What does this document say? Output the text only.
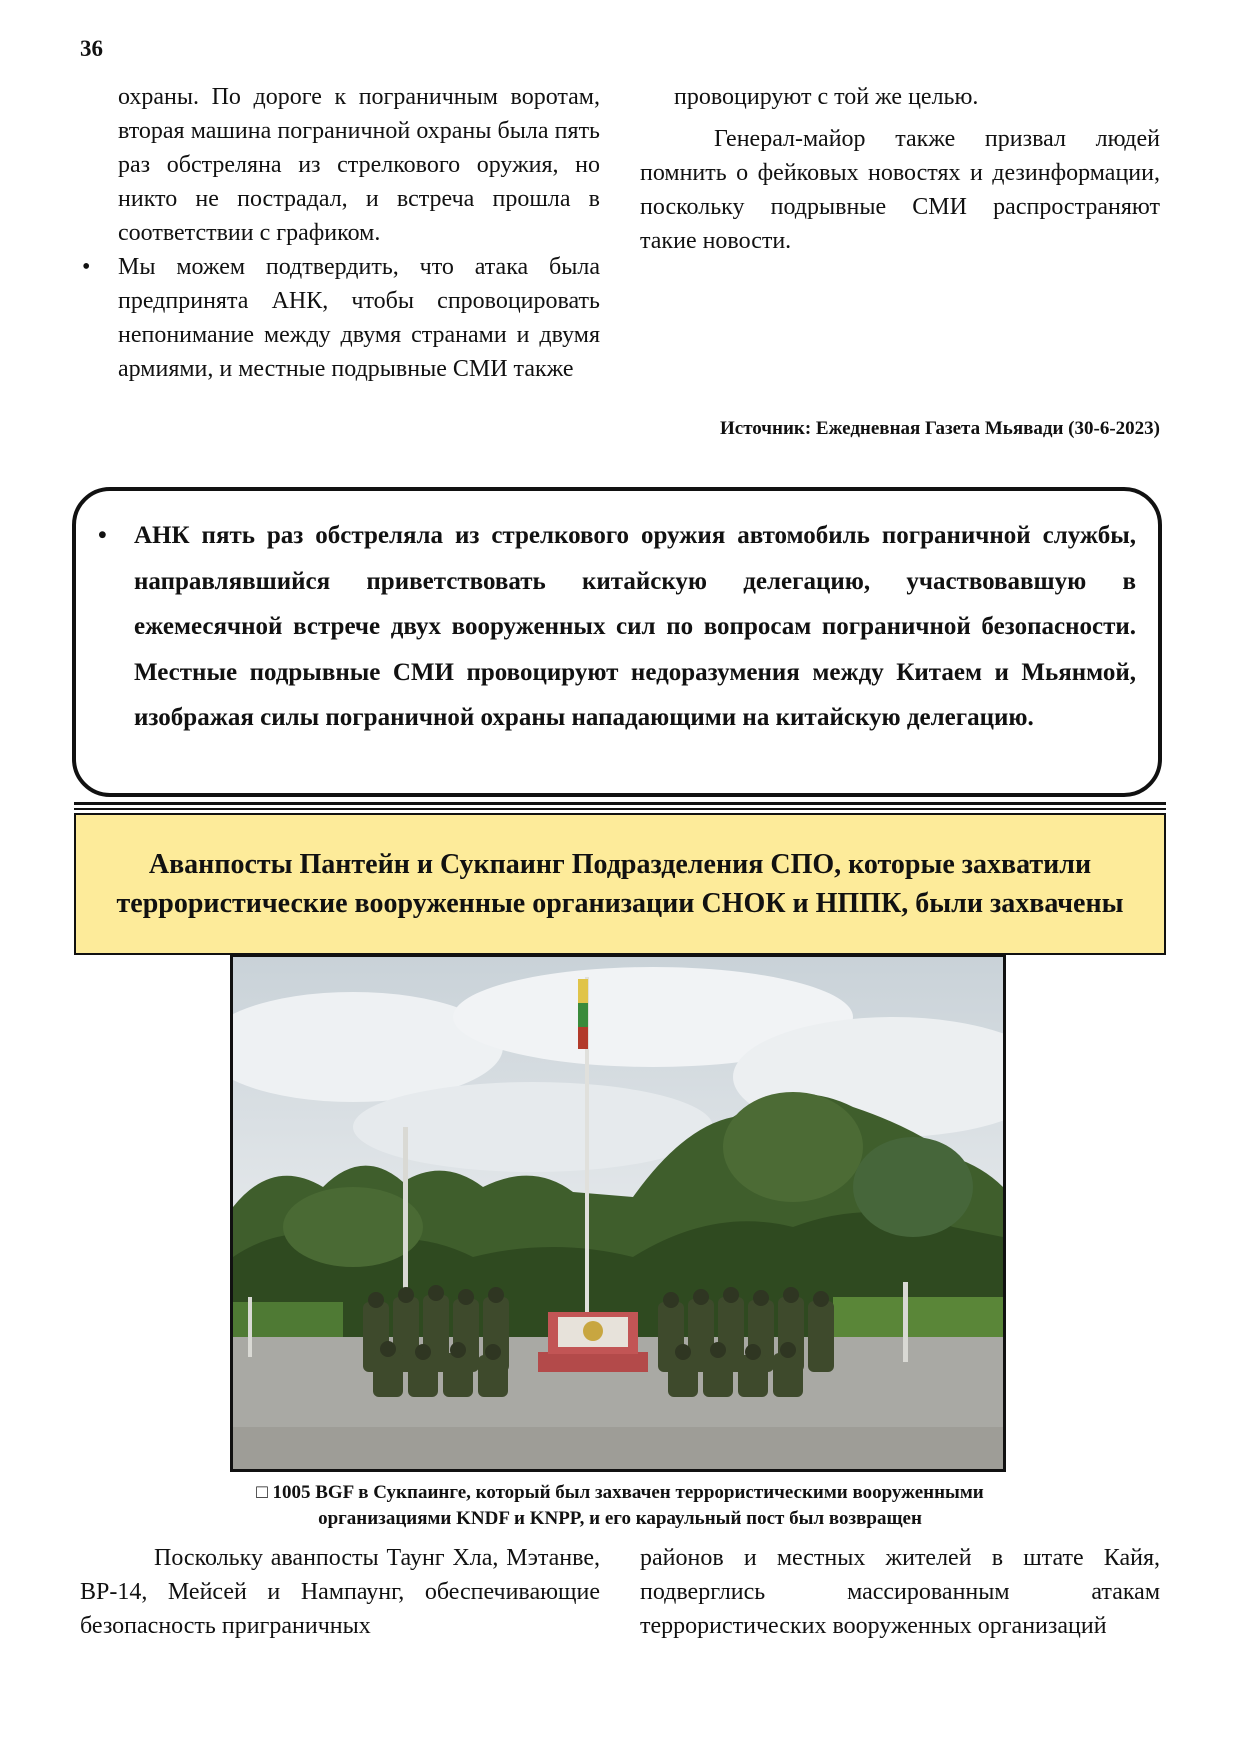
36

охраны. По дороге к пограничным воротам, вторая машина пограничной охраны была пять раз обстреляна из стрелкового оружия, но никто не пострадал, и встреча прошла в соответствии с графиком.

• Мы можем подтвердить, что атака была предпринята АНК, чтобы спровоцировать непонимание между двумя странами и двумя армиями, и местные подрывные СМИ также

провоцируют с той же целью.

Генерал-майор также призвал людей помнить о фейковых новостях и дезинформации, поскольку подрывные СМИ распространяют такие новости.

Источник: Ежедневная Газета Мьявади (30-6-2023)

• АНК пять раз обстреляла из стрелкового оружия автомобиль пограничной службы, направлявшийся приветствовать китайскую делегацию, участвовавшую в ежемесячной встрече двух вооруженных сил по вопросам пограничной безопасности. Местные подрывные СМИ провоцируют недоразумения между Китаем и Мьянмой, изображая силы пограничной охраны нападающими на китайскую делегацию.

Аванпосты Пантейн и Сукпаинг Подразделения СПО, которые захватили террористические вооруженные организации СНОК и НППК, были захвачены
□ 1005 BGF в Сукпаинге, который был захвачен террористическими вооруженными
организациями KNDF и KNPP, и его караульный пост был возвращен

Поскольку аванпосты Таунг Хла, Мэтанве, BP-14, Мейсей и Нампаунг, обеспечивающие безопасность приграничных

районов и местных жителей в штате Кайя, подверглись массированным атакам террористических вооруженных организаций
